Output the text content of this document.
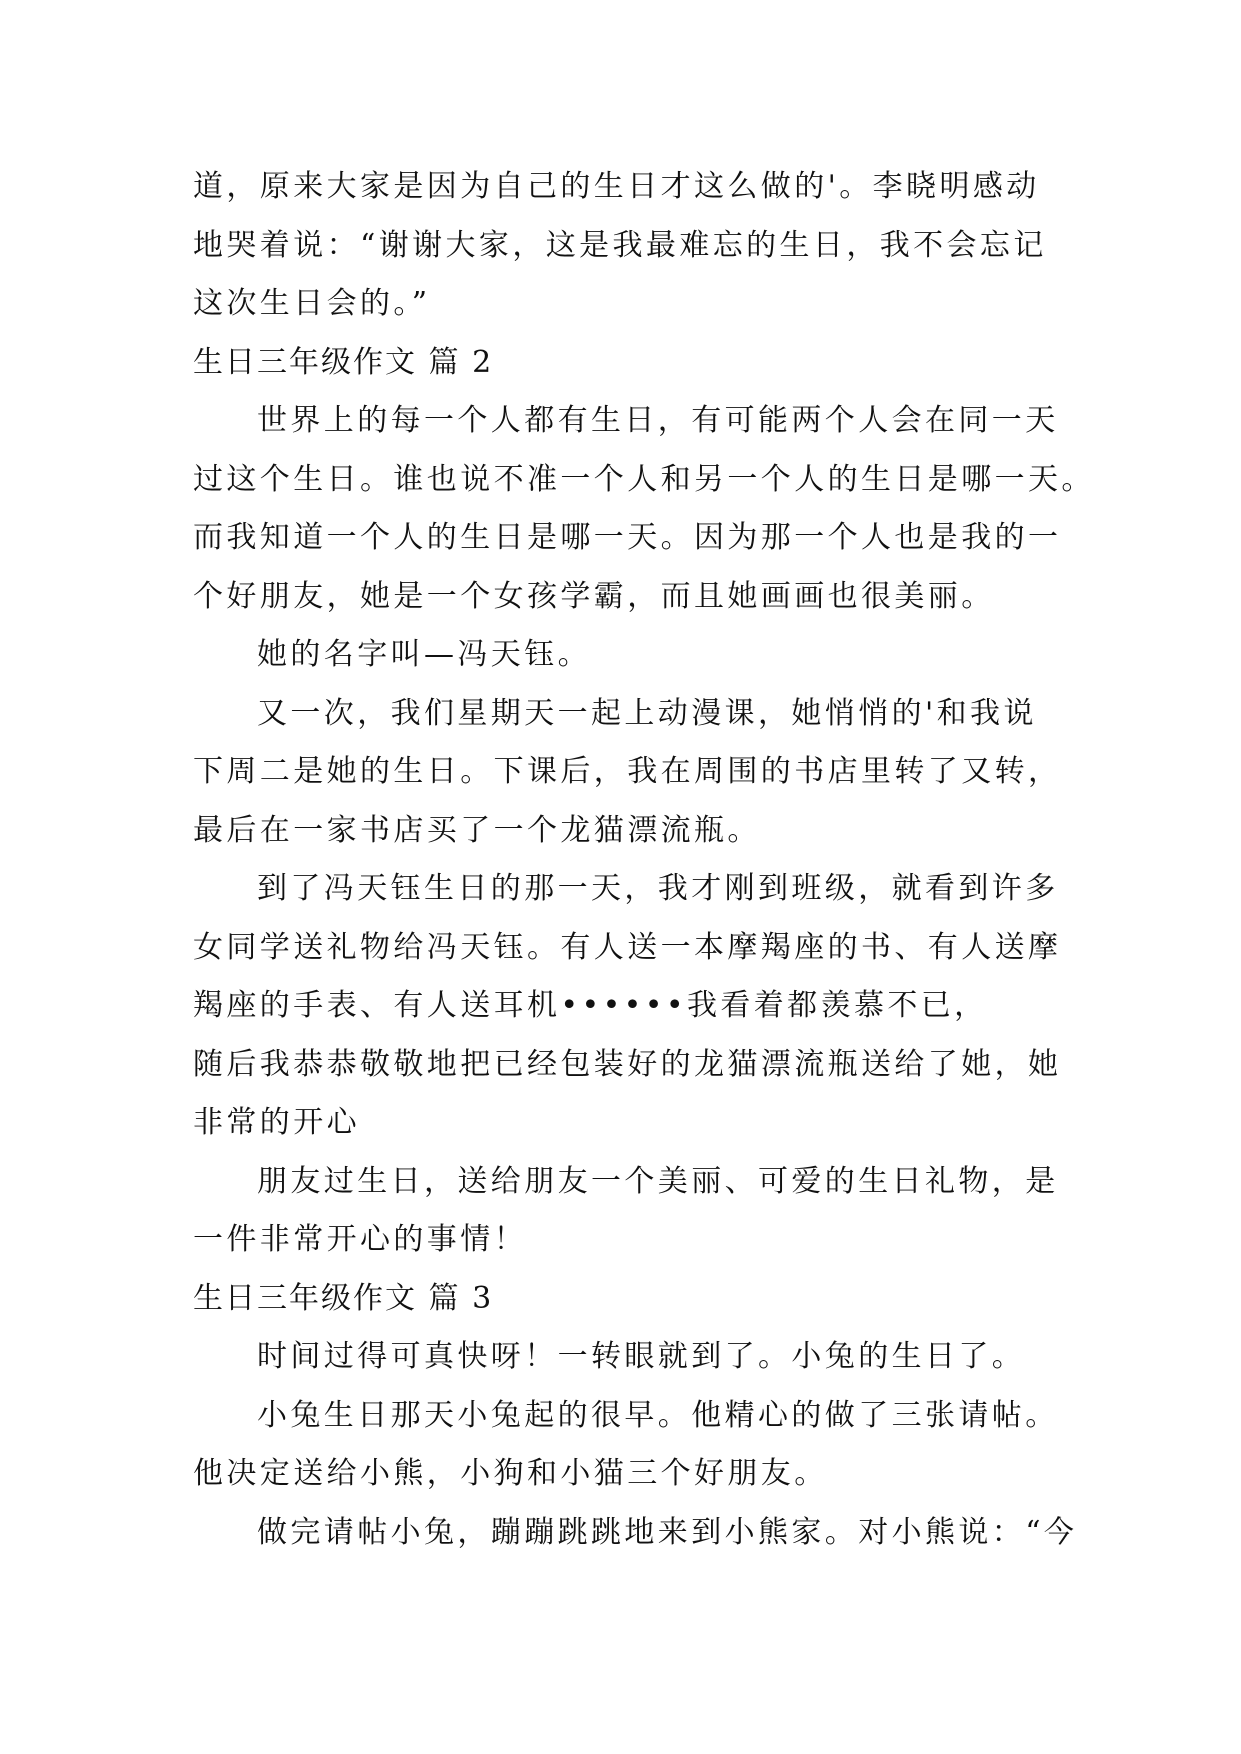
道，原来大家是因为自己的生日才这么做的'。李晓明感动
地哭着说：“谢谢大家，这是我最难忘的生日，我不会忘记
这次生日会的。”
生日三年级作文 篇 2
世界上的每一个人都有生日，有可能两个人会在同一天
过这个生日。谁也说不准一个人和另一个人的生日是哪一天。
而我知道一个人的生日是哪一天。因为那一个人也是我的一
个好朋友，她是一个女孩学霸，而且她画画也很美丽。
她的名字叫—冯天钰。
又一次，我们星期天一起上动漫课，她悄悄的'和我说
下周二是她的生日。下课后，我在周围的书店里转了又转，
最后在一家书店买了一个龙猫漂流瓶。
到了冯天钰生日的那一天，我才刚到班级，就看到许多
女同学送礼物给冯天钰。有人送一本摩羯座的书、有人送摩
羯座的手表、有人送耳机••••••我看着都羡慕不已，
随后我恭恭敬敬地把已经包装好的龙猫漂流瓶送给了她，她
非常的开心
朋友过生日，送给朋友一个美丽、可爱的生日礼物，是
一件非常开心的事情！
生日三年级作文 篇 3
时间过得可真快呀！一转眼就到了。小兔的生日了。
小兔生日那天小兔起的很早。他精心的做了三张请帖。
他决定送给小熊，小狗和小猫三个好朋友。
做完请帖小兔，蹦蹦跳跳地来到小熊家。对小熊说：“今
